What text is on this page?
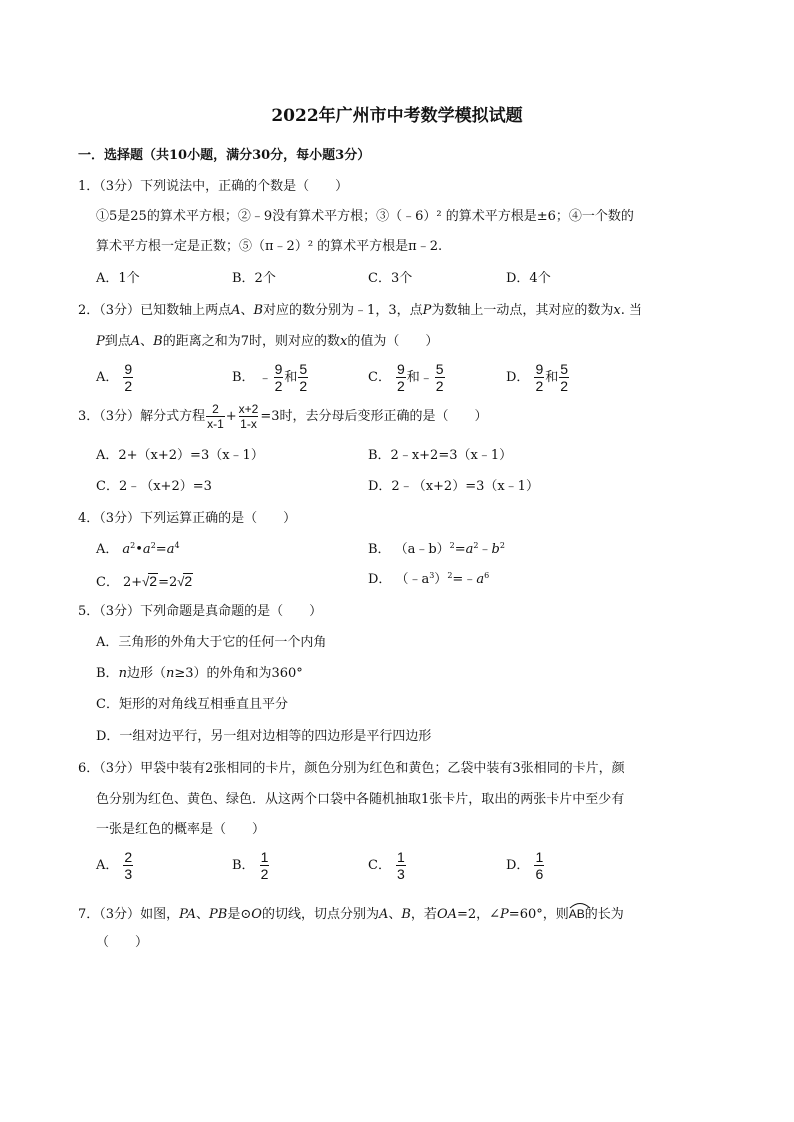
2022年广州市中考数学模拟试题
一．选择题（共10小题，满分30分，每小题3分）
1．（3分）下列说法中，正确的个数是（　　）
①5是25的算术平方根；②﹣9没有算术平方根；③（﹣6）² 的算术平方根是±6；④一个数的
算术平方根一定是正数；⑤（π﹣2）² 的算术平方根是π﹣2.
A．1个	B．2个	C．3个	D．4个
2．（3分）已知数轴上两点A、B对应的数分别为﹣1，3，点P为数轴上一动点，其对应的数为x. 当
P到点A、B的距离之和为7时，则对应的数x的值为（　　）
A． $\frac{9}{2}$	B． ﹣ $\frac{9}{2}$ 和 $\frac{5}{2}$	C． $\frac{9}{2}$ 和﹣ $\frac{5}{2}$	D． $\frac{9}{2}$ 和 $\frac{5}{2}$
3．（3分）解分式方程 $\frac{2}{x-1} + \frac{x+2}{1-x} =3$时，去分母后变形正确的是（　　）
A．2+（x+2）=3（x﹣1）	B．2﹣x+2=3（x﹣1）
C．2﹣（x+2）=3	D．2﹣（x+2）=3（x﹣1）
4．（3分）下列运算正确的是（　　）
A． $a^2•a^2=a^4$	B． $(a﹣b)^2=a^2﹣b^2$
C． 2+√2=2√2	D． $(﹣a^3)^2=﹣a^6$
5．（3分）下列命题是真命题的是（　　）
A．三角形的外角大于它的任何一个内角
B．n边形（n≥3）的外角和为360°
C．矩形的对角线互相垂直且平分
D．一组对边平行，另一组对边相等的四边形是平行四边形
6．（3分）甲袋中装有2张相同的卡片，颜色分别为红色和黄色；乙袋中装有3张相同的卡片，颜
色分别为红色、黄色、绿色．从这两个口袋中各随机抽取1张卡片，取出的两张卡片中至少有
一张是红色的概率是（　　）
A． $\frac{2}{3}$	B． $\frac{1}{2}$	C． $\frac{1}{3}$	D． $\frac{1}{6}$
7．（3分）如图，PA、PB是⊙O的切线，切点分别为A、B，若OA=2，∠P=60°，则
AB的长为
（　　）
